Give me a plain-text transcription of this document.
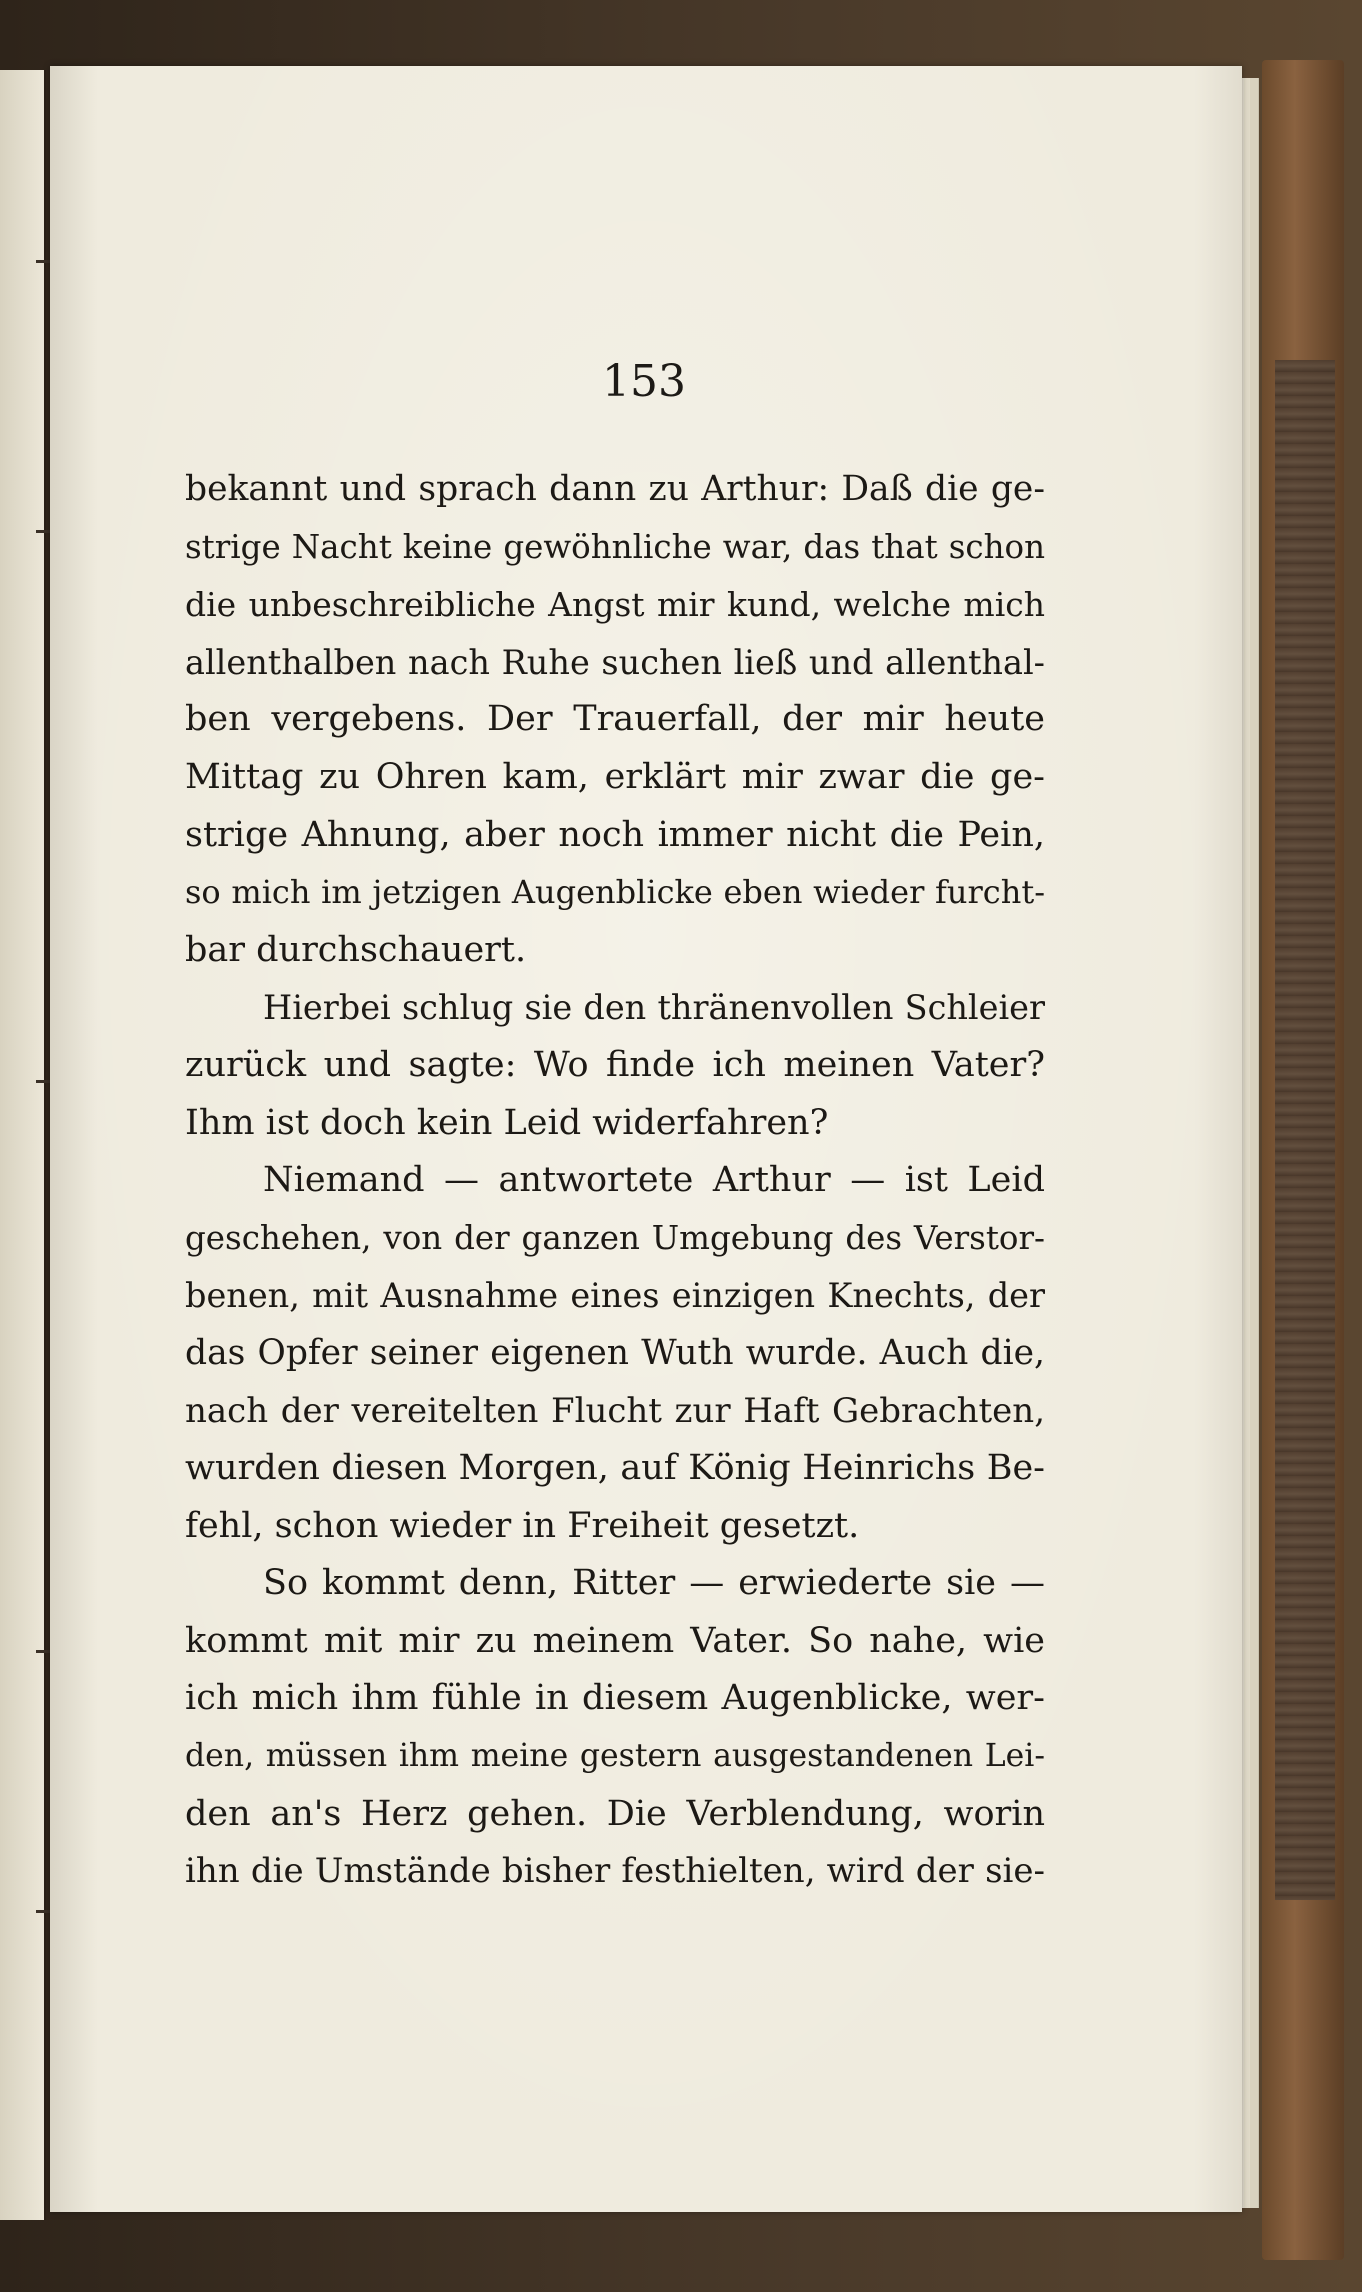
153
bekannt und sprach dann zu Arthur: Daß die ge-
strige Nacht keine gewöhnliche war, das that schon
die unbeschreibliche Angst mir kund, welche mich
allenthalben nach Ruhe suchen ließ und allenthal-
ben vergebens. Der Trauerfall, der mir heute
Mittag zu Ohren kam, erklärt mir zwar die ge-
strige Ahnung, aber noch immer nicht die Pein,
so mich im jetzigen Augenblicke eben wieder furcht-
bar durchschauert.
Hierbei schlug sie den thränenvollen Schleier
zurück und sagte: Wo finde ich meinen Vater?
Ihm ist doch kein Leid widerfahren?
Niemand — antwortete Arthur — ist Leid
geschehen, von der ganzen Umgebung des Verstor-
benen, mit Ausnahme eines einzigen Knechts, der
das Opfer seiner eigenen Wuth wurde. Auch die,
nach der vereitelten Flucht zur Haft Gebrachten,
wurden diesen Morgen, auf König Heinrichs Be-
fehl, schon wieder in Freiheit gesetzt.
So kommt denn, Ritter — erwiederte sie —
kommt mit mir zu meinem Vater. So nahe, wie
ich mich ihm fühle in diesem Augenblicke, wer-
den, müssen ihm meine gestern ausgestandenen Lei-
den an's Herz gehen. Die Verblendung, worin
ihn die Umstände bisher festhielten, wird der sie-
